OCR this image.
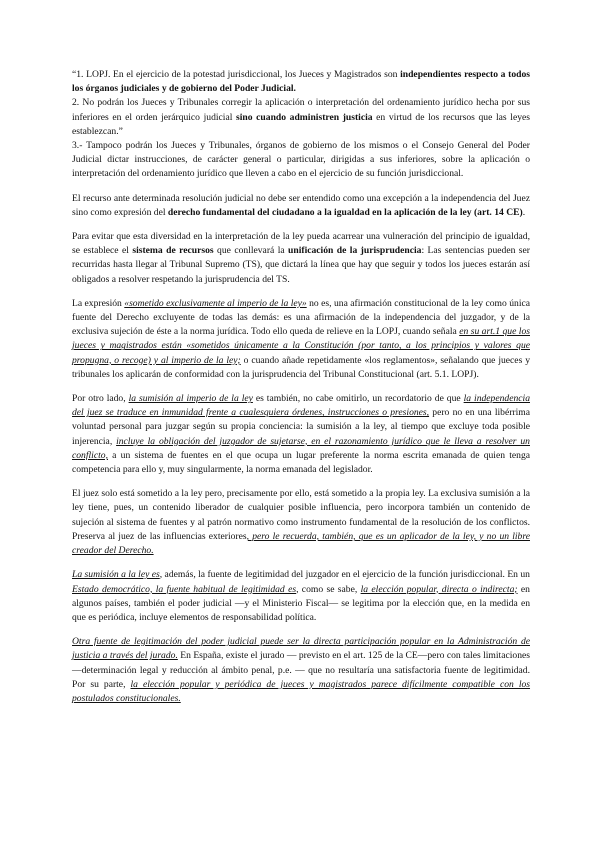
“1. LOPJ. En el ejercicio de la potestad jurisdiccional, los Jueces y Magistrados son independientes respecto a todos los órganos judiciales y de gobierno del Poder Judicial.
2. No podrán los Jueces y Tribunales corregir la aplicación o interpretación del ordenamiento jurídico hecha por sus inferiores en el orden jerárquico judicial sino cuando administren justicia en virtud de los recursos que las leyes establezcan.”
3.- Tampoco podrán los Jueces y Tribunales, órganos de gobierno de los mismos o el Consejo General del Poder Judicial dictar instrucciones, de carácter general o particular, dirigidas a sus inferiores, sobre la aplicación o interpretación del ordenamiento jurídico que lleven a cabo en el ejercicio de su función jurisdiccional.
El recurso ante determinada resolución judicial no debe ser entendido como una excepción a la independencia del Juez sino como expresión del derecho fundamental del ciudadano a la igualdad en la aplicación de la ley (art. 14 CE).
Para evitar que esta diversidad en la interpretación de la ley pueda acarrear una vulneración del principio de igualdad, se establece el sistema de recursos que conllevará la unificación de la jurisprudencia: Las sentencias pueden ser recurridas hasta llegar al Tribunal Supremo (TS), que dictará la línea que hay que seguir y todos los jueces estarán así obligados a resolver respetando la jurisprudencia del TS.
La expresión «sometido exclusivamente al imperio de la ley» no es, una afirmación constitucional de la ley como única fuente del Derecho excluyente de todas las demás: es una afirmación de la independencia del juzgador, y de la exclusiva sujeción de éste a la norma jurídica. Todo ello queda de relieve en la LOPJ, cuando señala en su art.1 que los jueces y magistrados están «sometidos únicamente a la Constitución (por tanto, a los principios y valores que propugna, o recoge) y al imperio de la ley; o cuando añade repetidamente «los reglamentos», señalando que jueces y tribunales los aplicarán de conformidad con la jurisprudencia del Tribunal Constitucional (art. 5.1. LOPJ).
Por otro lado, la sumisión al imperio de la ley es también, no cabe omitirlo, un recordatorio de que la independencia del juez se traduce en inmunidad frente a cualesquiera órdenes, instrucciones o presiones, pero no en una libérrima voluntad personal para juzgar según su propia conciencia: la sumisión a la ley, al tiempo que excluye toda posible injerencia, incluye la obligación del juzgador de sujetarse, en el razonamiento jurídico que le lleva a resolver un conflicto, a un sistema de fuentes en el que ocupa un lugar preferente la norma escrita emanada de quien tenga competencia para ello y, muy singularmente, la norma emanada del legislador.
El juez solo está sometido a la ley pero, precisamente por ello, está sometido a la propia ley. La exclusiva sumisión a la ley tiene, pues, un contenido liberador de cualquier posible influencia, pero incorpora también un contenido de sujeción al sistema de fuentes y al patrón normativo como instrumento fundamental de la resolución de los conflictos. Preserva al juez de las influencias exteriores, pero le recuerda, también, que es un aplicador de la ley, y no un libre creador del Derecho.
La sumisión a la ley es, además, la fuente de legitimidad del juzgador en el ejercicio de la función jurisdiccional. En un Estado democrático, la fuente habitual de legitimidad es, como se sabe, la elección popular, directa o indirecta; en algunos países, también el poder judicial —y el Ministerio Fiscal— se legitima por la elección que, en la medida en que es periódica, incluye elementos de responsabilidad política.
Otra fuente de legitimación del poder judicial puede ser la directa participación popular en la Administración de justicia a través del jurado. En España, existe el jurado — previsto en el art. 125 de la CE—pero con tales limitaciones —determinación legal y reducción al ámbito penal, p.e. — que no resultaría una satisfactoria fuente de legitimidad. Por su parte, la elección popular y periódica de jueces y magistrados parece difícilmente compatible con los postulados constitucionales.
